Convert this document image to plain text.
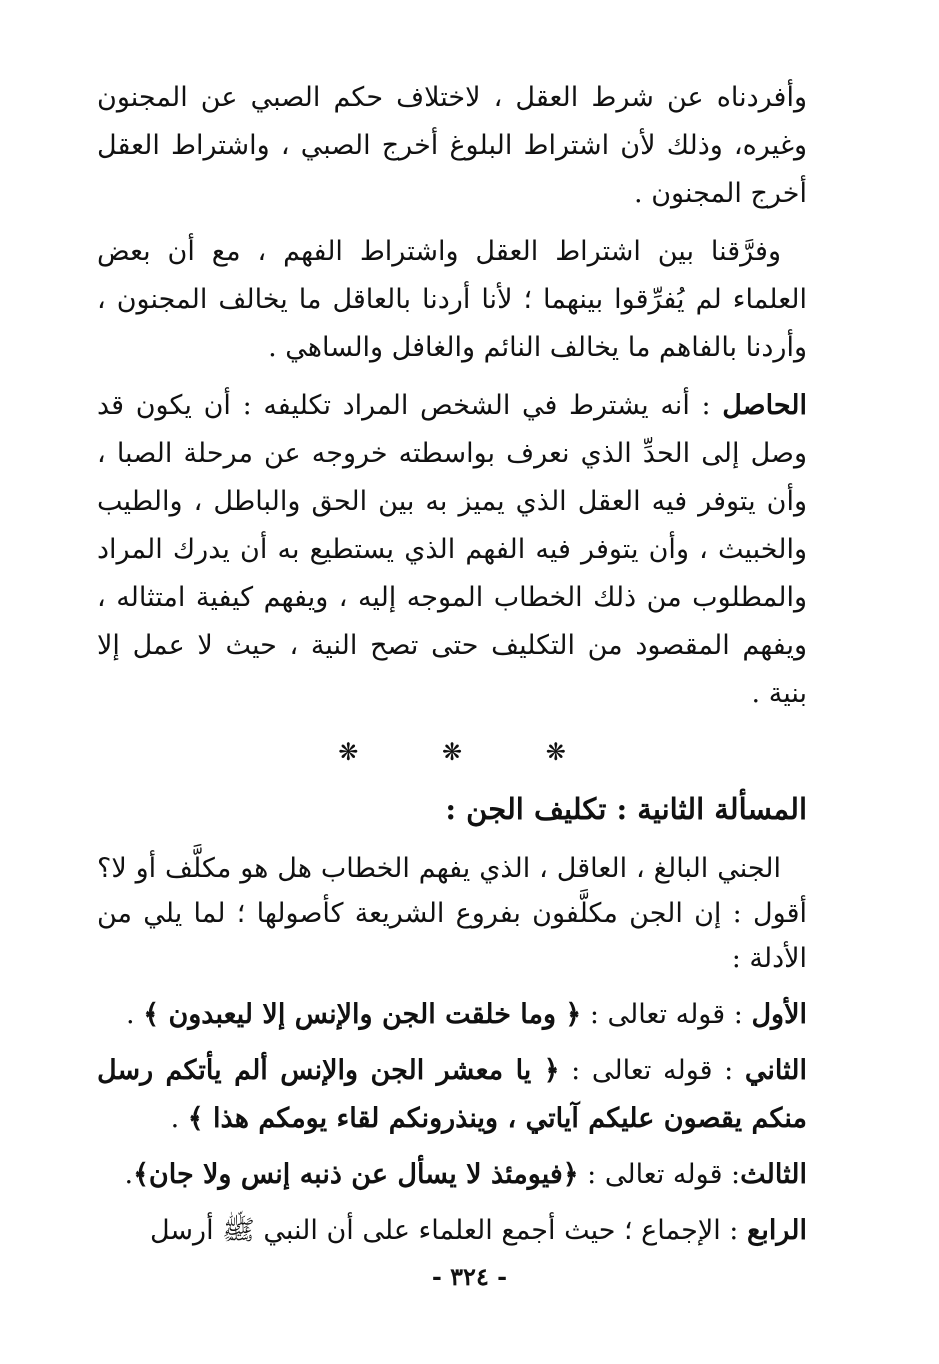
وأفردناه عن شرط العقل ، لاختلاف حكم الصبي عن المجنون وغيره، وذلك لأن اشتراط البلوغ أخرج الصبي ، واشتراط العقل أخرج المجنون .

وفرَّقنا بين اشتراط العقل واشتراط الفهم ، مع أن بعض العلماء لم يُفرِّقوا بينهما ؛ لأنا أردنا بالعاقل ما يخالف المجنون ، وأردنا بالفاهم ما يخالف النائم والغافل والساهي .

الحاصل : أنه يشترط في الشخص المراد تكليفه : أن يكون قد وصل إلى الحدِّ الذي نعرف بواسطته خروجه عن مرحلة الصبا ، وأن يتوفر فيه العقل الذي يميز به بين الحق والباطل ، والطيب والخبيث ، وأن يتوفر فيه الفهم الذي يستطيع به أن يدرك المراد والمطلوب من ذلك الخطاب الموجه إليه ، ويفهم كيفية امتثاله ، ويفهم المقصود من التكليف حتى تصح النية ، حيث لا عمل إلا بنية .

❋	❋	❋
المسألة الثانية : تكليف الجن :

الجني البالغ ، العاقل ، الذي يفهم الخطاب هل هو مكلَّف أو لا؟ أقول : إن الجن مكلَّفون بفروع الشريعة كأصولها ؛ لما يلي من الأدلة :

الأول : قوله تعالى : ﴿ وما خلقت الجن والإنس إلا ليعبدون ﴾ .

الثاني : قوله تعالى : ﴿ يا معشر الجن والإنس ألم يأتكم رسل منكم يقصون عليكم آياتي ، وينذرونكم لقاء يومكم هذا ﴾ .

الثالث: قوله تعالى : ﴿فيومئذ لا يسأل عن ذنبه إنس ولا جان﴾.

الرابع : الإجماع ؛ حيث أجمع العلماء على أن النبي ﷺ أرسل

- ٣٢٤ -
